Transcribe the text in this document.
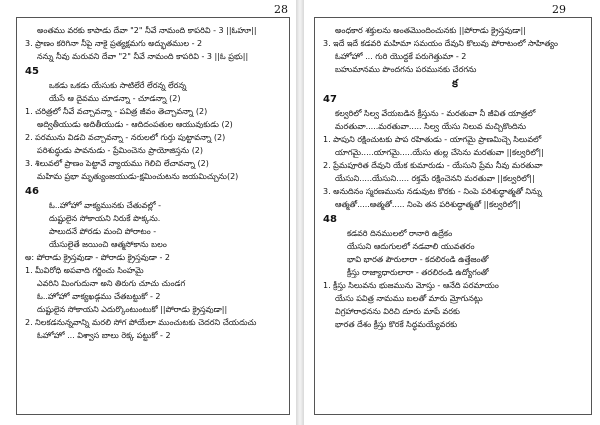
28
అంతము వరకు కాపాడు దేవా "2" నీవే నామంది కాపరివి - 3 ||ఓహూ||
3. ప్రాణం కరిగినా నీపై నాకై ప్రత్యక్షమగు అద్భుతముల - 2
నన్ను నీవు మరువని దేవా "2" నీవే నామంది కాపరివి - 3 ||ఓ ప్రభు||
45
ఒకడు ఒకడు యేసుకు సాటిలేరే లేరన్న లేరన్న
యేసే ఆ దైవము చూడన్నా - చూడన్నా (2)
1. చరిత్రలో నీవే వచ్చావన్నా - పవిత్ర జీవం తెచ్చావన్నా (2)
అద్వితీయుడు అదితీయుడు - ఆదిదంపతుల ఆయువుకుడు (2)
2. పరమును విడచి వచ్చావన్నా - నరులలో గుర్తు పుట్టావన్నా (2)
పరిశుద్ధుడు పావనుడు - ప్రేమించెను ప్రాయోజిస్తను (2)
3. శిలువలో ప్రాణం పెట్టావే న్యాయము గెలిచి లేచావన్నా (2)
మహిమ ప్రభా మృత్యుంజయుడు-క్షమించుటను జయమిచ్చును(2)
46
ఓ..హోహో వాక్యమునకు చేతువల్లో -
దుష్టులైన సోకాయని నిరుకే పొక్కను.
పాలుదనే పోరడు మంచి పోరాటం -
యేసులైతే జయించి ఆత్మసోకాను బలం
అ: పోరాడు క్రైస్తవుడా - పోరాడు క్రైస్తవుడా - 2
1. మీవిరోధి అపవాది గర్జించు సింహమై
ఎవరిని మింగుదునా అని తిరుగు చూచు చుండగ
ఓ..హోహో వాక్యఖడ్గము చేతబట్టుకో - 2
దుష్టులైన సోకాయని ఎదుర్కొంటుంటుకో ||పోరాడు క్రైస్తవుడా||
2. నిలకడనున్నవాన్ని మరలి సోగ పోయేలా ముంచుటకు చెదరని చేయదుచు
ఓహోహో ... విశ్వాస బాలు రెక్క పట్టుకో - 2
29
అంధకార శక్తులను అంతమొందించునకు ||పోరాడు క్రైస్తవుడా||
3. ఇదే ఇదే కడవరి మహిమా సమయం దేవుని కొలువు పోరాటంలో సాహిత్యం
ఓహోహో ... గురి యొద్దకే పరుగెత్తుమా - 2
బహుమానము పొందగను పరమునకు చేరగను
క
47
కల్వరిలో సిల్వ వేయబడిన క్రీస్తును - మరతువా నీ జీవిత యాత్రలో
మరతువా.....మరతువా..... సిల్వ యేసు నిలువ మచ్చికొందిను
1. పాపుని రక్షించుటకు పాప రహితుడు - యాగమై ప్రాణమిచ్చె సిలువలో
యాగమై.....యాగమై.....యేసు తుల్ల చేసెను మరతువా ||కల్వరిలో||
2. ప్రేమపూరిత దేవుని యేక కుమారుడు - యేసుని ప్రేమ నీవు మరతువా
యేసుని.....యేసుని..... రక్తమే రక్షించెనని మరతువా ||కల్వరిలో||
3. అనుదినం స్మరణమును నడువుట కొరకు - నింపె పరిశుద్ధాత్మతో నిన్ను
ఆత్మతో.....ఆత్మతో..... నింపె తన పరిశుద్ధాత్మతో ||కల్వరిలో||
48
కడవరి దినములలో రానారి ఉద్రేకం
యేసుని ఆదుగులలో నడవాలి యువతరం
భావి భారత పౌరులారా - కదలిరండి ఉత్తేజంతో
క్రీస్తు రాజ్యాధారులారా - తరలిరండి ఉద్యోగంతో
1. క్రీస్తు సిలువను భుజమును మోస్తు - ఆనేది పరమాయం
యేసు పవిత్ర నామము బలతో మారు మ్రోగునట్లు
విగ్రహారాధనను విరిచి దూరు మాపే వరకు
భారత దేశం క్రీస్తు కొరకే సిద్ధమయ్యేవరకు
